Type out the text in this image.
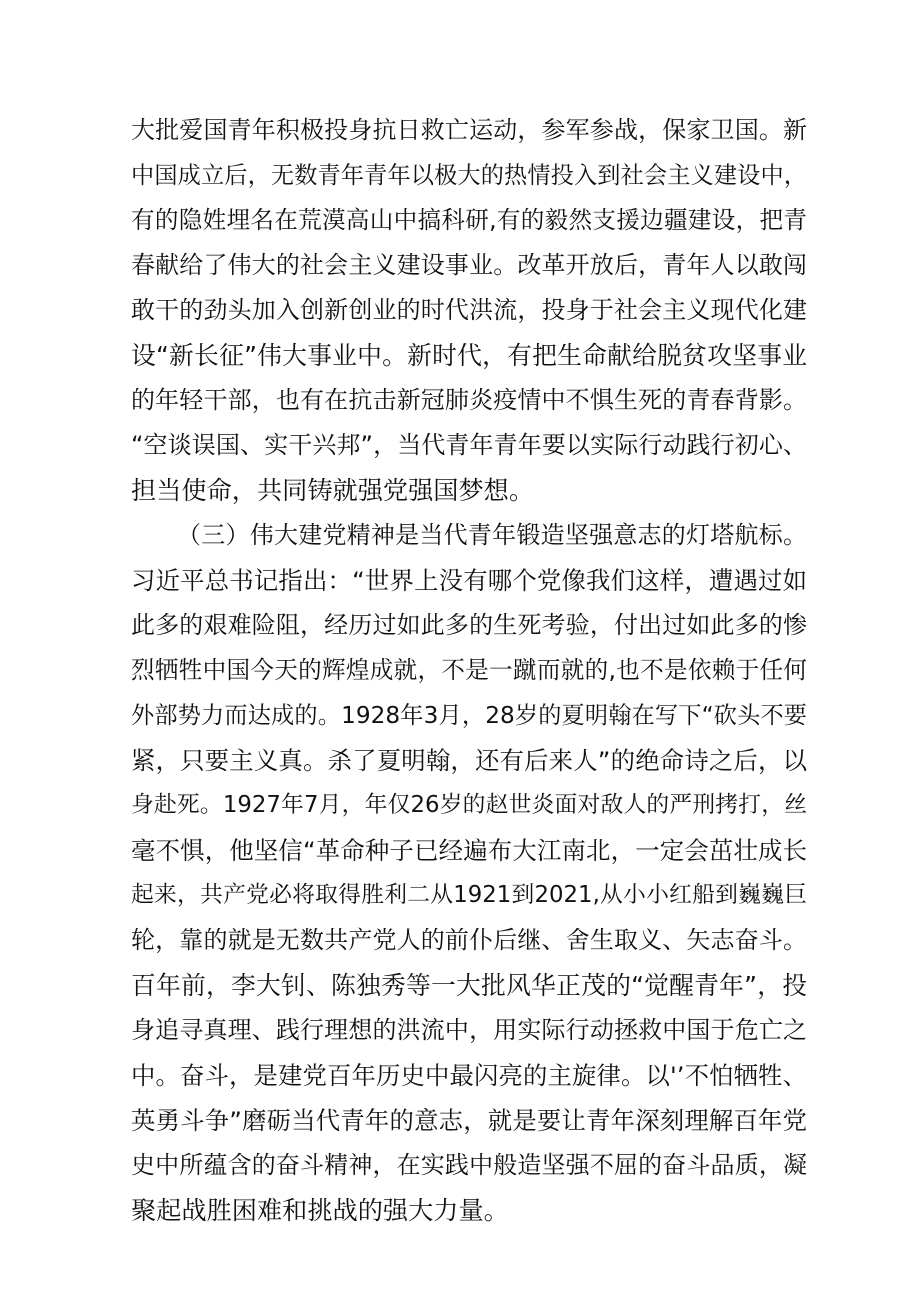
大批爱国青年积极投身抗日救亡运动，参军参战，保家卫国。新
中国成立后，无数青年青年以极大的热情投入到社会主义建设中，
有的隐姓埋名在荒漠高山中搞科研,有的毅然支援边疆建设，把青
春献给了伟大的社会主义建设事业。改革开放后，青年人以敢闯
敢干的劲头加入创新创业的时代洪流，投身于社会主义现代化建
设“新长征”伟大事业中。新时代，有把生命献给脱贫攻坚事业
的年轻干部，也有在抗击新冠肺炎疫情中不惧生死的青春背影。
“空谈误国、实干兴邦”，当代青年青年要以实际行动践行初心、
担当使命，共同铸就强党强国梦想。
（三）伟大建党精神是当代青年锻造坚强意志的灯塔航标。
习近平总书记指出：“世界上没有哪个党像我们这样，遭遇过如
此多的艰难险阻，经历过如此多的生死考验，付出过如此多的惨
烈牺牲中国今天的辉煌成就，不是一蹴而就的,也不是依赖于任何
外部势力而达成的。1928年3月，28岁的夏明翰在写下“砍头不要
紧，只要主义真。杀了夏明翰，还有后来人”的绝命诗之后，以
身赴死。1927年7月，年仅26岁的赵世炎面对敌人的严刑拷打，丝
毫不惧，他坚信“革命种子已经遍布大江南北，一定会茁壮成长
起来，共产党必将取得胜利二从1921到2021,从小小红船到巍巍巨
轮，靠的就是无数共产党人的前仆后继、舍生取义、矢志奋斗。
百年前，李大钊、陈独秀等一大批风华正茂的“觉醒青年”，投
身追寻真理、践行理想的洪流中，用实际行动拯救中国于危亡之
中。奋斗，是建党百年历史中最闪亮的主旋律。以'’不怕牺牲、
英勇斗争”磨砺当代青年的意志，就是要让青年深刻理解百年党
史中所蕴含的奋斗精神，在实践中般造坚强不屈的奋斗品质，凝
聚起战胜困难和挑战的强大力量。
